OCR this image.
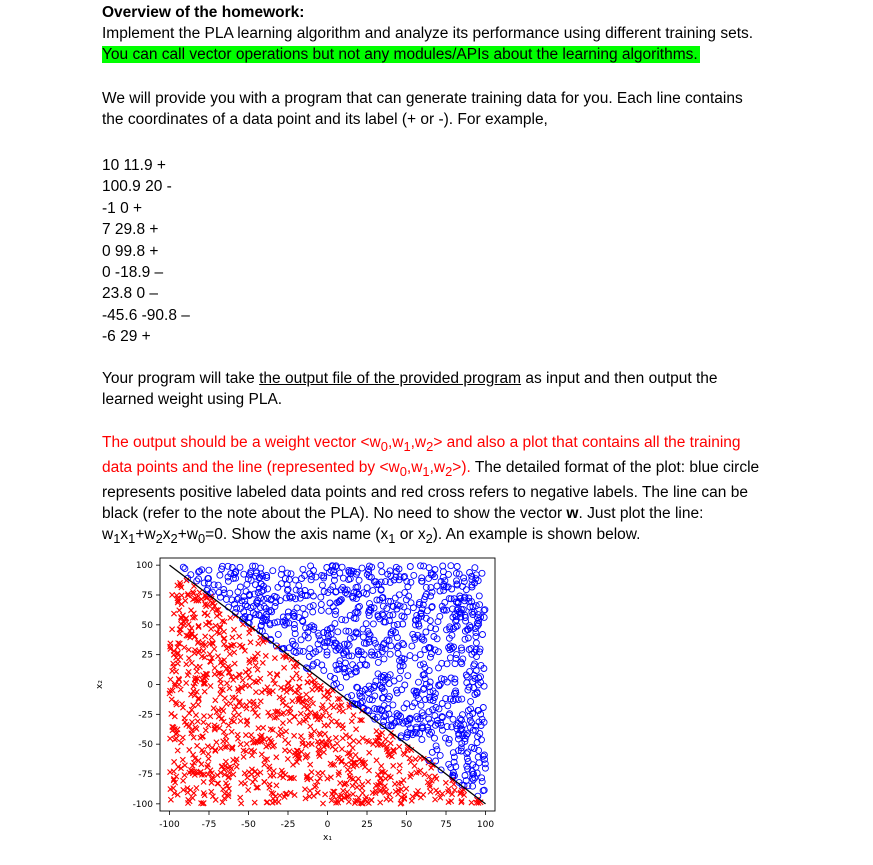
Overview of the homework:
Implement the PLA learning algorithm and analyze its performance using different training sets.
You can call vector operations but not any modules/APIs about the learning algorithms.
We will provide you with a program that can generate training data for you. Each line contains
the coordinates of a data point and its label (+ or -). For example,
10 11.9 +
100.9 20 -
-1 0 +
7 29.8 +
0 99.8 +
0 -18.9 –
23.8 0 –
-45.6 -90.8 –
-6 29 +
Your program will take the output file of the provided program as input and then output the
learned weight using PLA.
The output should be a weight vector $<w_0,w_1,w_2>$ and also a plot that contains all the training
data points and the line (represented by $<w_0,w_1,w_2>$). The detailed format of the plot: blue circle
represents positive labeled data points and red cross refers to negative labels. The line can be
black (refer to the note about the PLA). No need to show the vector w. Just plot the line:
$w_1x_1+w_2x_2+w_0=0$. Show the axis name ($x_1$ or $x_2$). An example is shown below.
-100 -75	-50	-25	0	25	50	75	100
100
75
50
25
0
-25
-50
-75
-100
x₁
x₂
